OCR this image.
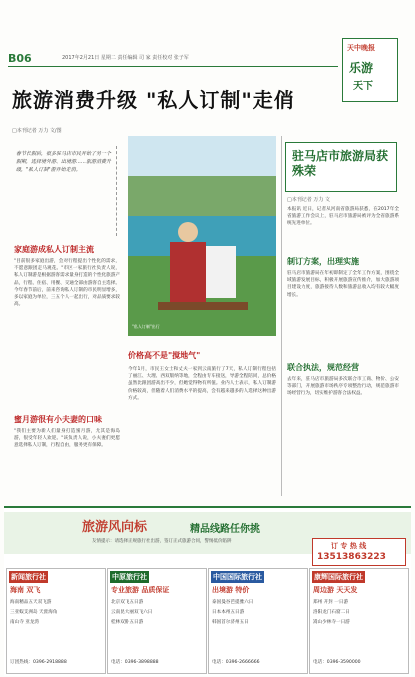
B06	2017年2月21日 星期二 责任编辑 司 家 责任校对 张子军
天中晚报
乐游
天下
旅游消费升级 "私人订制"走俏
□本刊记者 万力 文/图
春节长假后，很多驻马店市民开始了另一个假期，选择境外游、出境游……旅游消费升级，"私人订制"游开始走俏。
"私人订制"出行
家庭游成私人订制主流
"目前很多家庭出游，会对行程提出个性化的需求，不愿意跟团走马观花。"市区一家旅行社负责人说，私人订制游是根据游客需求量身打造的个性化旅游产品，行程、住宿、用餐、交通全部由游客自主选择。今年春节前后，前来咨询私人订制的市民明显增多，多以家庭为单位，三五个人一起出行，对品质要求较高。
蜜月游很有小夫妻的口味
"我们主要为新人们量身打造蜜月游，尤其是海岛游，很受年轻人欢迎。"该负责人说，小夫妻们更愿意选择私人订制，行程自由，服务更有保障。
价格高不是"搅地气"
今年1月，市民王女士和丈夫一家到云南旅行了7天，私人订制行程包括了丽江、大理、西双版纳等地，全程由专车接送，导游全程陪同，总价格虽然比跟团游高出不少，但她觉得物有所值。业内人士表示，私人订制游价格较高，但随着人们消费水平的提高，会有越来越多的人选择这种出游方式。
驻马店市旅游局获殊荣
□本刊记者 万力 文
本报讯 近日，记者从河南省旅游局获悉，在2017年全省旅游工作会议上，驻马店市旅游局被评为全省旅游系统先进单位。
制订方案，出理实施
驻马店市旅游局在年初即制定了全年工作方案，围绕全域旅游发展目标，积极开展旅游宣传推介，加大旅游项目建设力度，旅游接待人数和旅游总收入均有较大幅度增长。
联合执法，规范经营
去年来，驻马店市旅游局多次联合市工商、物价、公安等部门，开展旅游市场秩序专项整治行动，规范旅游市场经营行为，切实维护游客合法权益。
旅游风向标	精品线路任你挑
友情提示：请选择正规旅行社出游，签订正式旅游合同，警惕低价陷阱
订 专 热 线
13513863223
新闻旅行社
海南 双飞
海南精品五天双飞游
三亚蜈支洲岛 天涯海角
南山寺 亚龙湾
订团热线：0396-2918888
中原旅行社
专业旅游 品质保证
北京双飞五日游
云南昆大丽双飞六日
桂林双卧五日游
电话：0396-3898888
中国国际旅行社
出境游 特价
泰国曼谷芭提雅六日
日本本州五日游
韩国首尔济州五日
电话：0396-2666666
康辉国际旅行社
周边游 天天发
郑州 开封 一日游
洛阳龙门石窟二日
嵩山少林寺一日游
电话：0396-3590000
